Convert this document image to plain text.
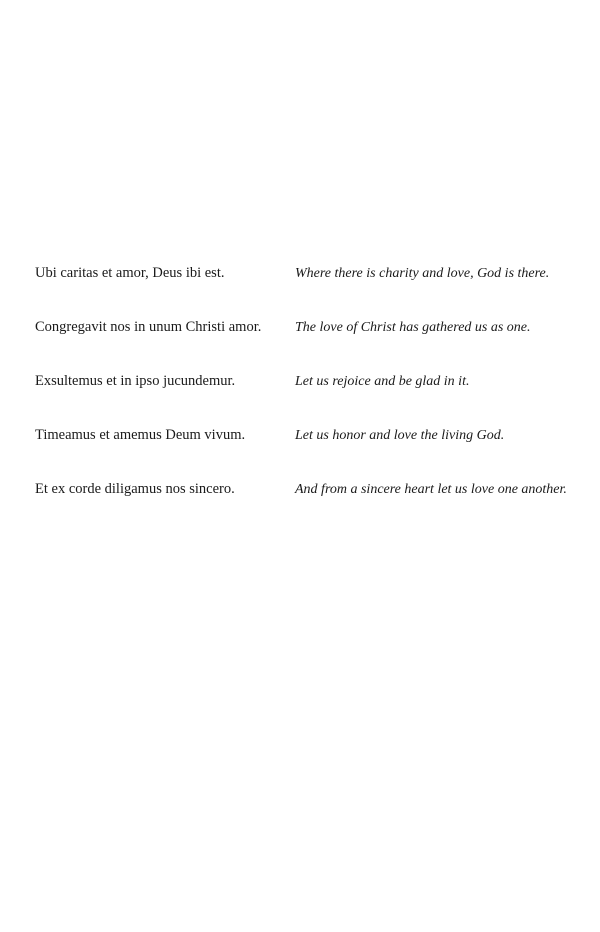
Ubi caritas et amor, Deus ibi est.	Where there is charity and love, God is there.
Congregavit nos in unum Christi amor.	The love of Christ has gathered us as one.
Exsultemus et in ipso jucundemur.	Let us rejoice and be glad in it.
Timeamus et amemus Deum vivum.	Let us honor and love the living God.
Et ex corde diligamus nos sincero.	And from a sincere heart let us love one another.
